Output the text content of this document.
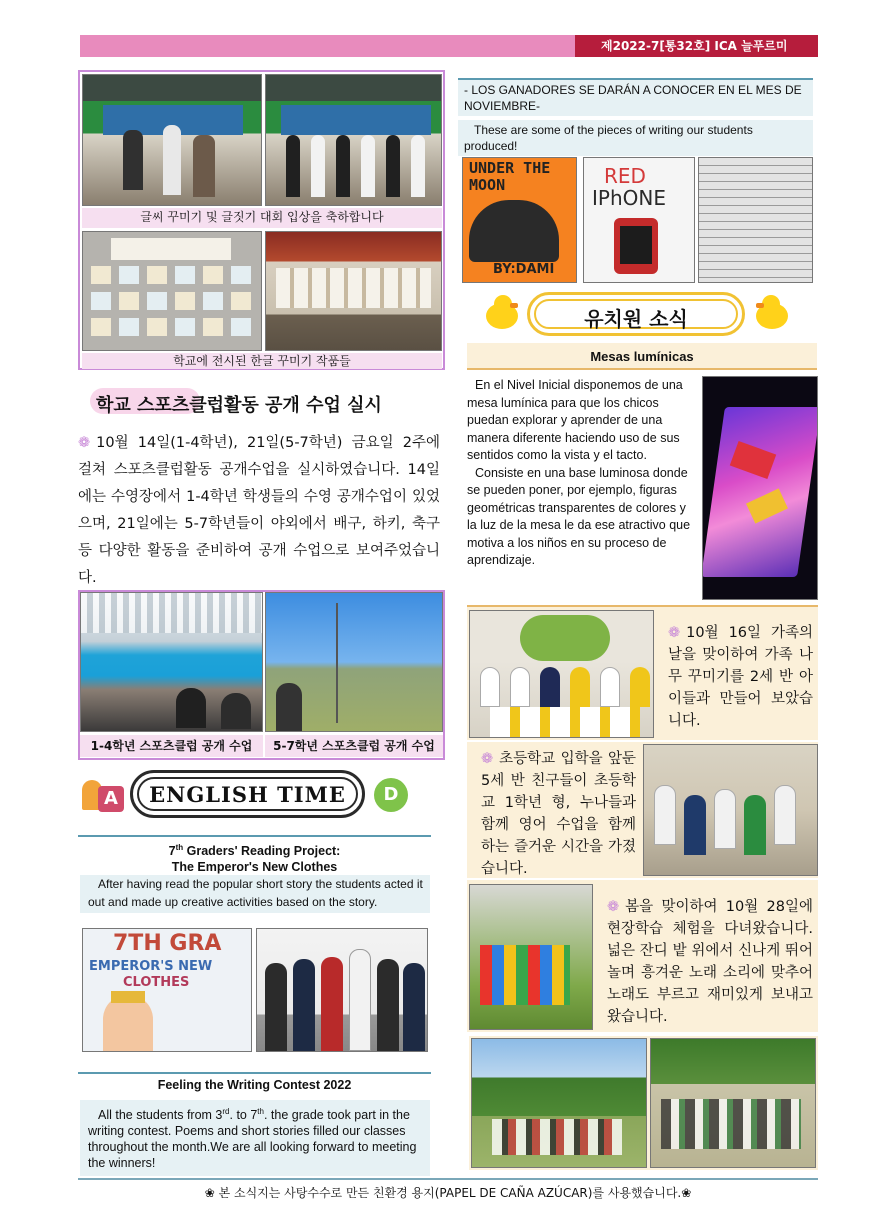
제2022-7[통32호] ICA 늘푸르미
글씨 꾸미기 및 글짓기 대회 입상을 축하합니다
학교에 전시된 한글 꾸미기 작품들
학교 스포츠클럽활동 공개 수업 실시
❁ 10월 14일(1-4학년), 21일(5-7학년) 금요일 2주에 걸쳐 스포츠클럽활동 공개수업을 실시하였습니다. 14일에는 수영장에서 1-4학년 학생들의 수영 공개수업이 있었으며, 21일에는 5-7학년들이 야외에서 배구, 하키, 축구 등 다양한 활동을 준비하여 공개 수업으로 보여주었습니다.
1-4학년 스포츠클럽 공개 수업	5-7학년 스포츠클럽 공개 수업
A	ENGLISH TIME	D
7th Graders' Reading Project:
The Emperor's New Clothes
After having read the popular short story the students acted it out and made up creative activities based on the story.
7TH GRA
EMPEROR'S NEW
CLOTHES
Feeling the Writing Contest 2022
All the students from 3rd. to 7th. the grade took part in the writing contest. Poems and short stories filled our classes throughout the month.We are all looking forward to meeting the winners!
- LOS GANADORES SE DARÁN A CONOCER EN EL MES DE NOVIEMBRE-
These are some of the pieces of writing our students produced!
UNDER THE MOON
BY:DAMI
RED
IPhONE
유치원 소식
Mesas lumínicas
En el Nivel Inicial disponemos de una mesa lumínica para que los chicos puedan explorar y aprender de una manera diferente haciendo uso de sus sentidos como la vista y el tacto.
Consiste en una base luminosa donde se pueden poner, por ejemplo, figuras geométricas transparentes de colores y la luz de la mesa le da ese atractivo que motiva a los niños en su proceso de aprendizaje.
❁ 10월 16일 가족의 날을 맞이하여 가족 나무 꾸미기를 2세 반 아이들과 만들어 보았습니다.
❁ 초등학교 입학을 앞둔 5세 반 친구들이 초등학교 1학년 형, 누나들과 함께 영어 수업을 함께 하는 즐거운 시간을 가졌습니다.
❁ 봄을 맞이하여 10월 28일에 현장학습 체험을 다녀왔습니다. 넓은 잔디 밭 위에서 신나게 뛰어 놀며 흥겨운 노래 소리에 맞추어 노래도 부르고 재미있게 보내고 왔습니다.
❀ 본 소식지는 사탕수수로 만든 친환경 용지(PAPEL DE CAÑA AZÚCAR)를 사용했습니다.❀
